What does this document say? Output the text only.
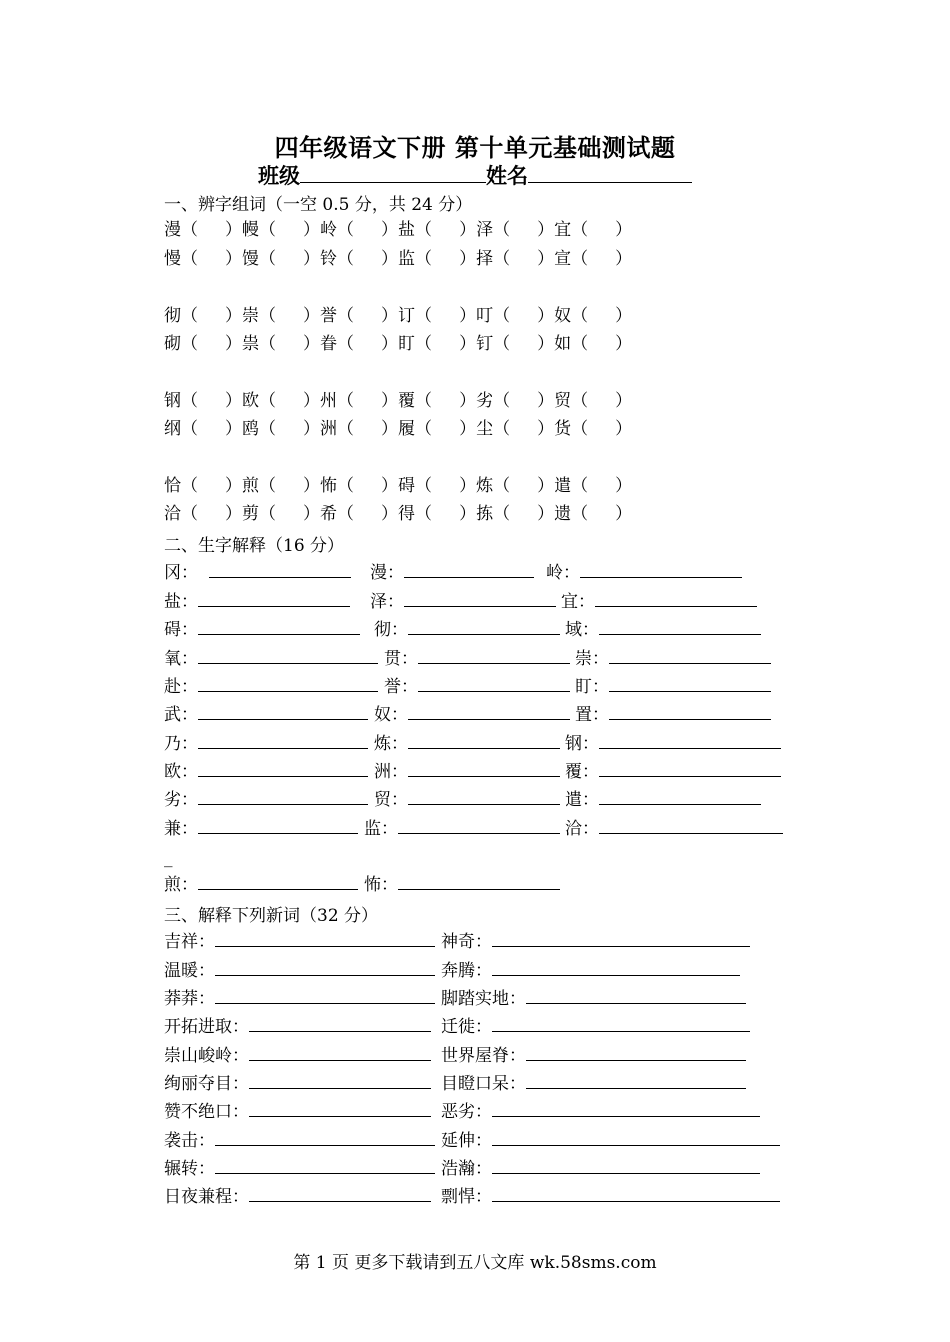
四年级语文下册 第十单元基础测试题
班级	姓名
一、辨字组词（一空 0.5 分，共 24 分）
漫（     ）幔（     ）岭（     ）盐（     ）泽（     ）宜（     ）
慢（     ）馒（     ）铃（     ）监（     ）择（     ）宣（     ）
彻（     ）崇（     ）誉（     ）订（     ）叮（     ）奴（     ）
砌（     ）祟（     ）眷（     ）盯（     ）钉（     ）如（     ）
钢（     ）欧（     ）州（     ）覆（     ）劣（     ）贸（     ）
纲（     ）鸥（     ）洲（     ）履（     ）尘（     ）货（     ）
恰（     ）煎（     ）怖（     ）碍（     ）炼（     ）遣（     ）
洽（     ）剪（     ）希（     ）得（     ）拣（     ）遗（     ）
二、生字解释（16 分）
冈：	漫：	岭：
盐：	泽：	宜：
碍：	彻：	域：
氧：	贯：	崇：
赴：	誉：	盯：
武：	奴：	置：
乃：	炼：	钢：
欧：	洲：	覆：
劣：	贸：	遣：
兼：	监：	洽：
_
煎：	怖：
三、解释下列新词（32 分）
吉祥：	神奇：
温暖：	奔腾：
莽莽：	脚踏实地：
开拓进取：	迁徙：
崇山峻岭：	世界屋脊：
绚丽夺目：	目瞪口呆：
赞不绝口：	恶劣：
袭击：	延伸：
辗转：	浩瀚：
日夜兼程：	剽悍：
第 1 页 更多下载请到五八文库 wk.58sms.com
